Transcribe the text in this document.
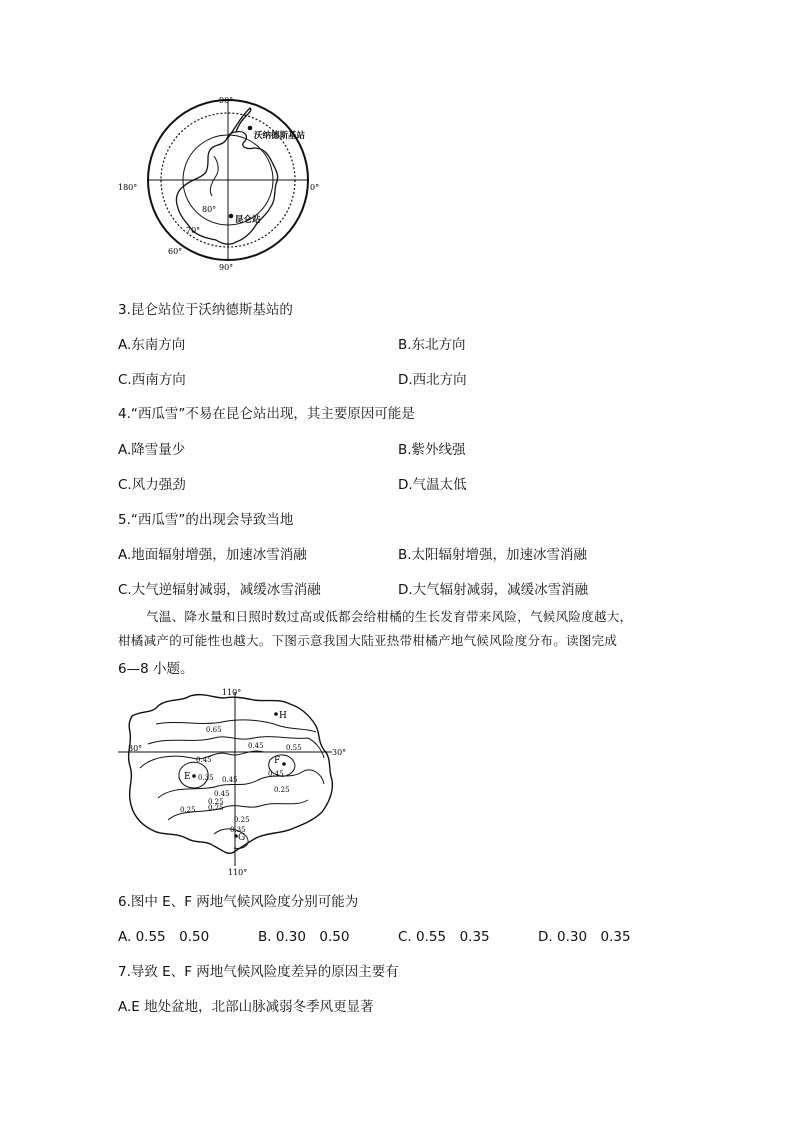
90°
90°
180°	0°
80°
70°
60°
沃纳德斯基站
昆仑站
3.昆仑站位于沃纳德斯基站的
A.东南方向	B.东北方向
C.西南方向	D.西北方向
4.“西瓜雪”不易在昆仑站出现，其主要原因可能是
A.降雪量少	B.紫外线强
C.风力强劲	D.气温太低
5.“西瓜雪”的出现会导致当地
A.地面辐射增强，加速冰雪消融	B.太阳辐射增强，加速冰雪消融
C.大气逆辐射减弱，减缓冰雪消融	D.大气辐射减弱，减缓冰雪消融
气温、降水量和日照时数过高或低都会给柑橘的生长发育带来风险，气候风险度越大，
柑橘减产的可能性也越大。下图示意我国大陆亚热带柑橘产地气候风险度分布。读图完成
6—8 小题。
110°
110°
30°	30°
H
E
F
G
0.65
0.45	0.55
0.45
0.45
0.25
0.45
0.35
0.25
0.45
0.25
0.25
0.25
0.35
6.图中 E、F 两地气候风险度分别可能为
A. 0.55　0.50	B. 0.30　0.50	C. 0.55　0.35	D. 0.30　0.35
7.导致 E、F 两地气候风险度差异的原因主要有
A.E 地处盆地，北部山脉减弱冬季风更显著
